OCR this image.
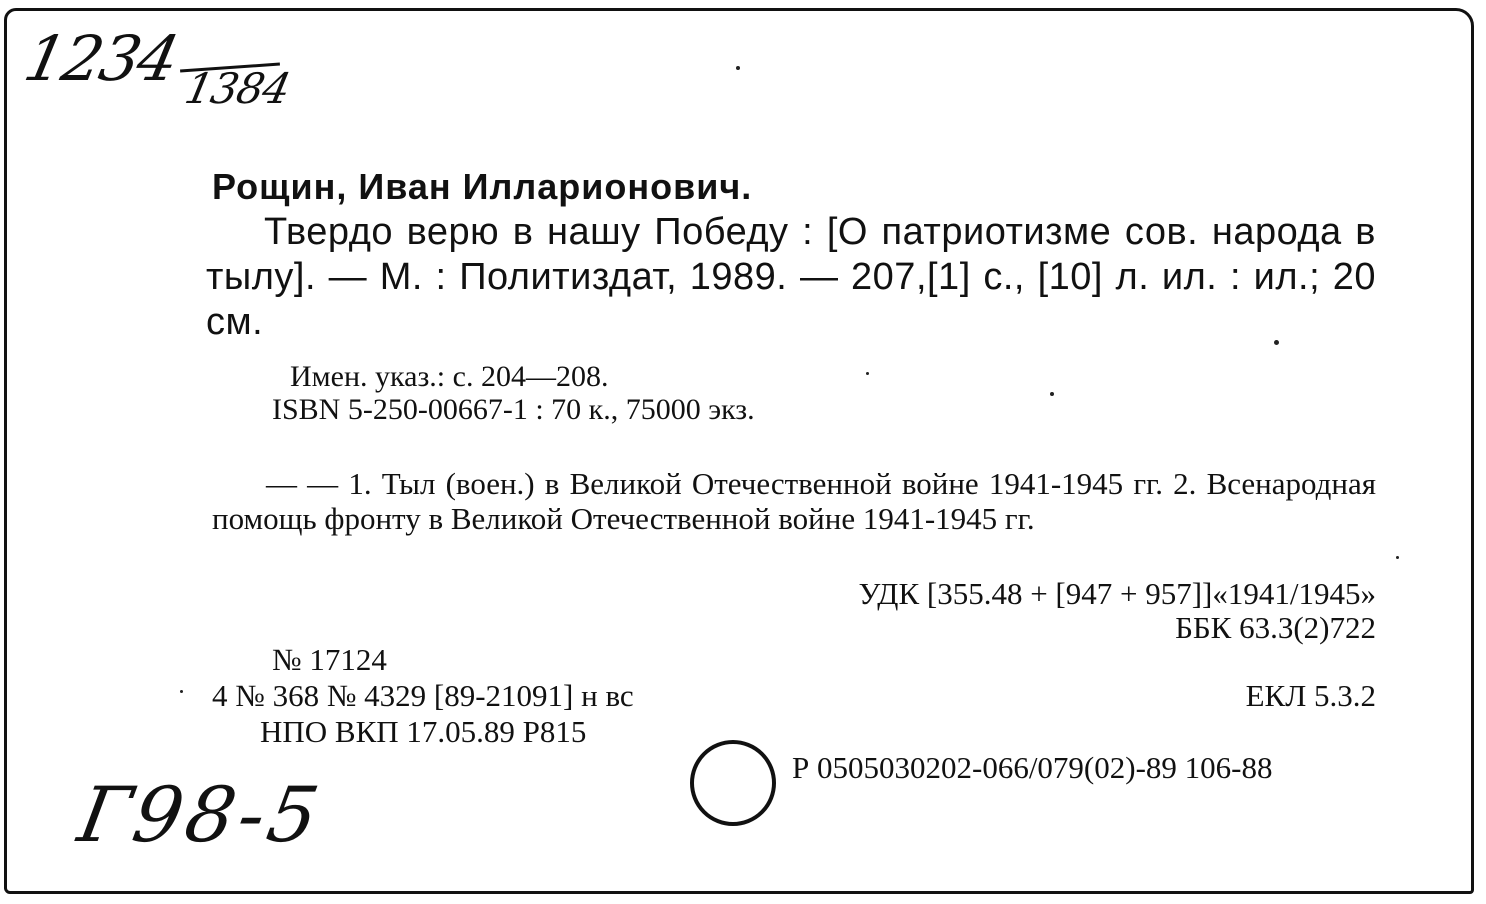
1234
1384
Рощин, Иван Илларионович.
Твердо верю в нашу Победу : [О патриотизме сов. народа в тылу]. — М. : Политиздат, 1989. — 207,[1] с., [10] л. ил. : ил.; 20 см.
Имен. указ.: с. 204—208.
ISBN 5-250-00667-1 : 70 к., 75000 экз.
— — 1. Тыл (воен.) в Великой Отечественной войне 1941-1945 гг. 2. Всенародная помощь фронту в Великой Отечественной войне 1941-1945 гг.
УДК [355.48 + [947 + 957]]«1941/1945»
ББК 63.3(2)722
№ 17124
4 № 368 № 4329 [89-21091] н вс	ЕКЛ 5.3.2
НПО ВКП 17.05.89 Р815
Р 0505030202-066/079(02)-89 106-88
Г98-5
